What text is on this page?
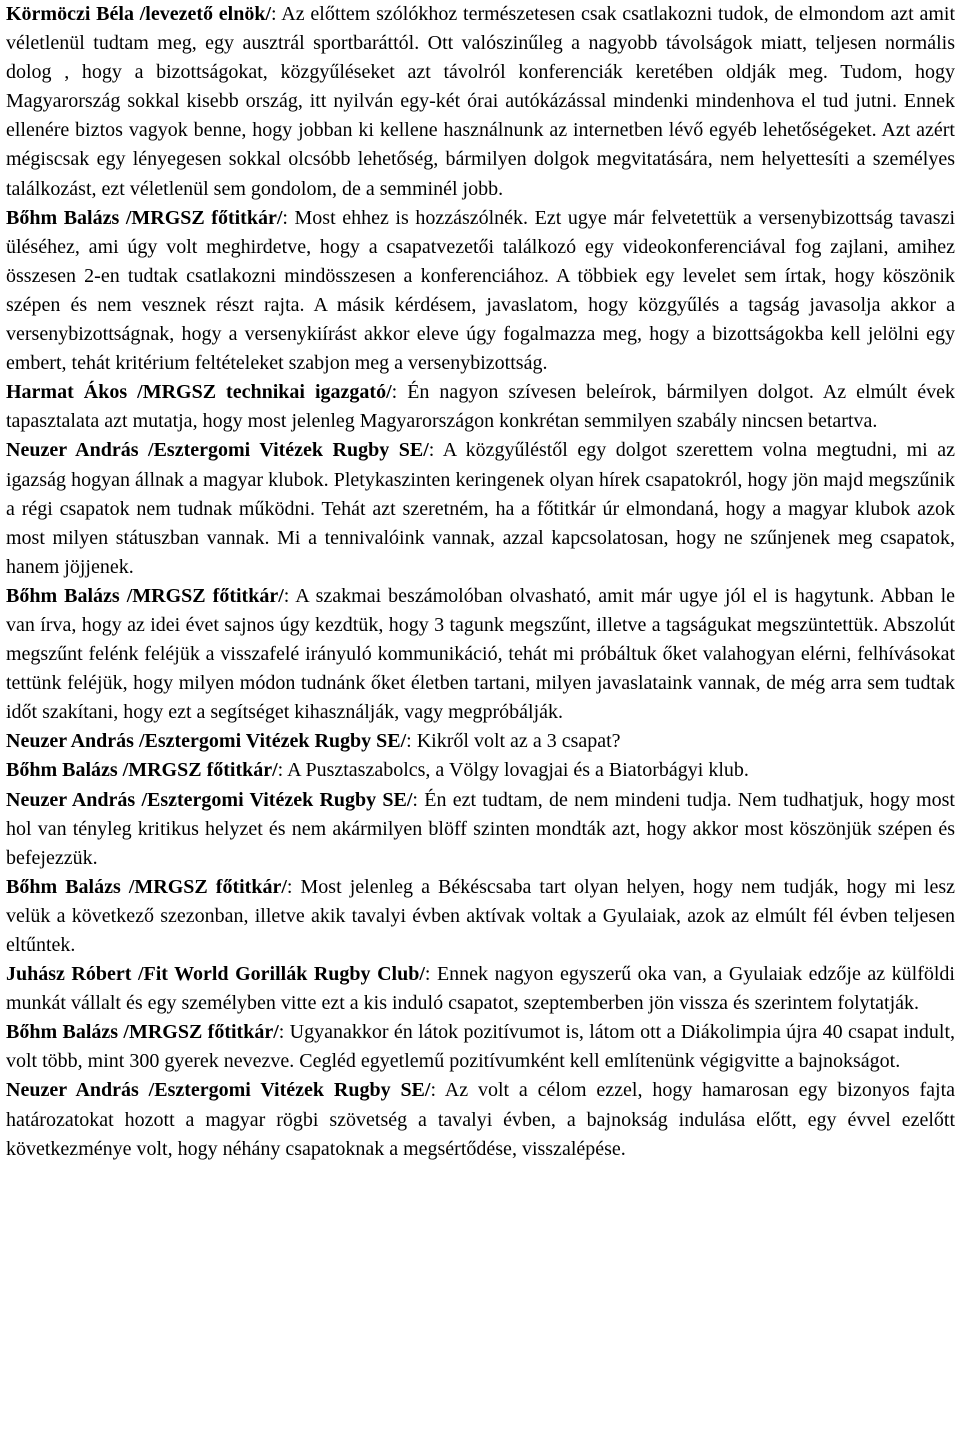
Körmöczi Béla /levezető elnök/: Az előttem szólókhoz természetesen csak csatlakozni tudok, de elmondom azt amit véletlenül tudtam meg, egy ausztrál sportbaráttól. Ott valószinűleg a nagyobb távolságok miatt, teljesen normális dolog , hogy a bizottságokat, közgyűléseket azt távolról konferenciák keretében oldják meg. Tudom, hogy Magyarország sokkal kisebb ország, itt nyilván egy-két órai autókázással mindenki mindenhova el tud jutni. Ennek ellenére biztos vagyok benne, hogy jobban ki kellene használnunk az internetben lévő egyéb lehetőségeket. Azt azért mégiscsak egy lényegesen sokkal olcsóbb lehetőség, bármilyen dolgok megvitatására, nem helyettesíti a személyes találkozást, ezt véletlenül sem gondolom, de a semminél jobb.

Bőhm Balázs /MRGSZ főtitkár/: Most ehhez is hozzászólnék. Ezt ugye már felvetettük a versenybizottság tavaszi üléséhez, ami úgy volt meghirdetve, hogy a csapatvezetői találkozó egy videokonferenciával fog zajlani, amihez összesen 2-en tudtak csatlakozni mindösszesen a konferenciához. A többiek egy levelet sem írtak, hogy köszönik szépen és nem vesznek részt rajta. A másik kérdésem, javaslatom, hogy közgyűlés a tagság javasolja akkor a versenybizottságnak, hogy a versenykiírást akkor eleve úgy fogalmazza meg, hogy a bizottságokba kell jelölni egy embert, tehát kritérium feltételeket szabjon meg a versenybizottság.

Harmat Ákos /MRGSZ technikai igazgató/: Én nagyon szívesen beleírok, bármilyen dolgot. Az elmúlt évek tapasztalata azt mutatja, hogy most jelenleg Magyarországon konkrétan semmilyen szabály nincsen betartva.

Neuzer András /Esztergomi Vitézek Rugby SE/: A közgyűléstől egy dolgot szerettem volna megtudni, mi az igazság hogyan állnak a magyar klubok. Pletykaszinten keringenek olyan hírek csapatokról, hogy jön majd megszűnik a régi csapatok nem tudnak működni. Tehát azt szeretném, ha a főtitkár úr elmondaná, hogy a magyar klubok azok most milyen státuszban vannak. Mi a tennivalóink vannak, azzal kapcsolatosan, hogy ne szűnjenek meg csapatok, hanem jöjjenek.

Bőhm Balázs /MRGSZ főtitkár/: A szakmai beszámolóban olvasható, amit már ugye jól el is hagytunk. Abban le van írva, hogy az idei évet sajnos úgy kezdtük, hogy 3 tagunk megszűnt, illetve a tagságukat megszüntettük. Abszolút megszűnt felénk feléjük a visszafelé irányuló kommunikáció, tehát mi próbáltuk őket valahogyan elérni, felhívásokat tettünk feléjük, hogy milyen módon tudnánk őket életben tartani, milyen javaslataink vannak, de még arra sem tudtak időt szakítani, hogy ezt a segítséget kihasználják, vagy megpróbálják.

Neuzer András /Esztergomi Vitézek Rugby SE/: Kikről volt az a 3 csapat?

Bőhm Balázs /MRGSZ főtitkár/: A Pusztaszabolcs, a Völgy lovagjai és a Biatorbágyi klub.

Neuzer András /Esztergomi Vitézek Rugby SE/: Én ezt tudtam, de nem mindeni tudja. Nem tudhatjuk, hogy most hol van tényleg kritikus helyzet és nem akármilyen blöff szinten mondták azt, hogy akkor most köszönjük szépen és befejezzük.

Bőhm Balázs /MRGSZ főtitkár/: Most jelenleg a Békéscsaba tart olyan helyen, hogy nem tudják, hogy mi lesz velük a következő szezonban, illetve akik tavalyi évben aktívak voltak a Gyulaiak, azok az elmúlt fél évben teljesen eltűntek.

Juhász Róbert /Fit World Gorillák Rugby Club/: Ennek nagyon egyszerű oka van, a Gyulaiak edzője az külföldi munkát vállalt és egy személyben vitte ezt a kis induló csapatot, szeptemberben jön vissza és szerintem folytatják.

Bőhm Balázs /MRGSZ főtitkár/: Ugyanakkor én látok pozitívumot is, látom ott a Diákolimpia újra 40 csapat indult, volt több, mint 300 gyerek nevezve. Cegléd egyetlemű pozitívumként kell említenünk végigvitte a bajnokságot.

Neuzer András /Esztergomi Vitézek Rugby SE/: Az volt a célom ezzel, hogy hamarosan egy bizonyos fajta határozatokat hozott a magyar rögbi szövetség a tavalyi évben, a bajnokság indulása előtt, egy évvel ezelőtt következménye volt, hogy néhány csapatoknak a megsértődése, visszalépése.
